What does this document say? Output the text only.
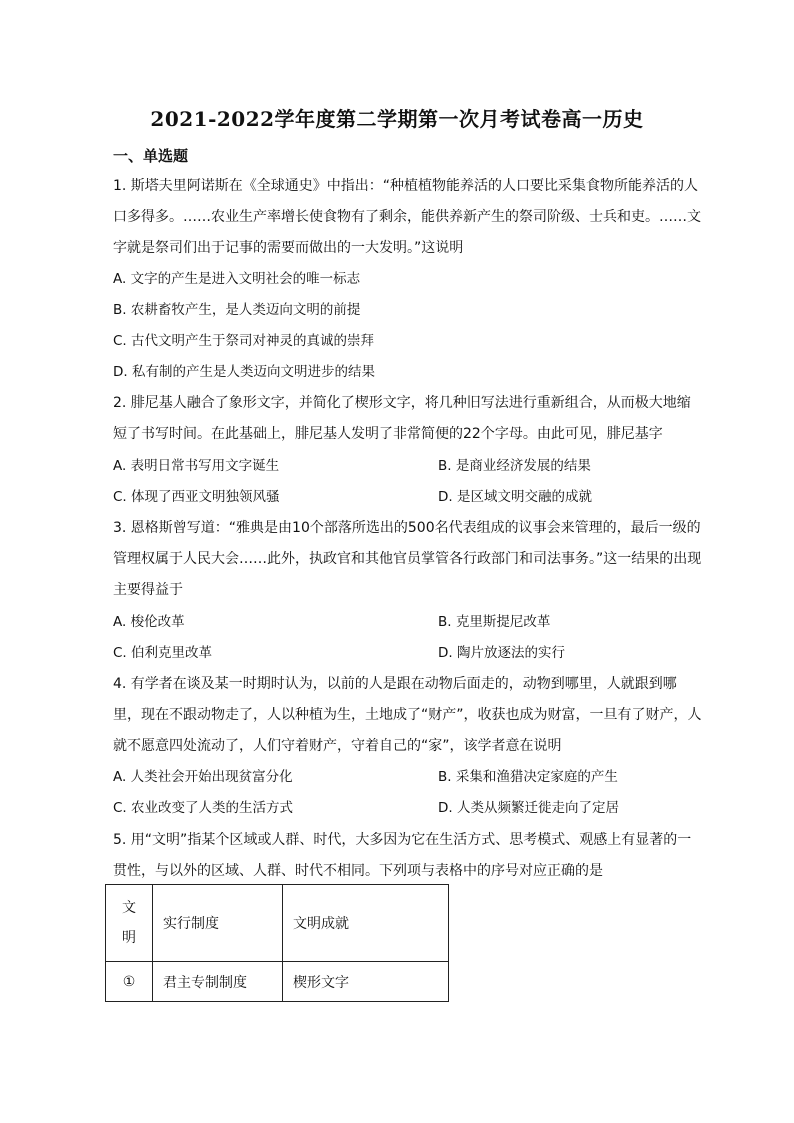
2021-2022学年度第二学期第一次月考试卷高一历史
一、单选题
1. 斯塔夫里阿诺斯在《全球通史》中指出：“种植植物能养活的人口要比采集食物所能养活的人口多得多。……农业生产率增长使食物有了剩余，能供养新产生的祭司阶级、士兵和吏。……文字就是祭司们出于记事的需要而做出的一大发明。”这说明
A. 文字的产生是进入文明社会的唯一标志
B. 农耕畜牧产生，是人类迈向文明的前提
C. 古代文明产生于祭司对神灵的真诚的崇拜
D. 私有制的产生是人类迈向文明进步的结果
2. 腓尼基人融合了象形文字，并简化了楔形文字，将几种旧写法进行重新组合，从而极大地缩短了书写时间。在此基础上，腓尼基人发明了非常简便的22个字母。由此可见，腓尼基字
A. 表明日常书写用文字诞生	B. 是商业经济发展的结果
C. 体现了西亚文明独领风骚	D. 是区域文明交融的成就
3. 恩格斯曾写道：“雅典是由10个部落所选出的500名代表组成的议事会来管理的，最后一级的管理权属于人民大会……此外，执政官和其他官员掌管各行政部门和司法事务。”这一结果的出现主要得益于
A. 梭伦改革	B. 克里斯提尼改革
C. 伯利克里改革	D. 陶片放逐法的实行
4. 有学者在谈及某一时期时认为，以前的人是跟在动物后面走的，动物到哪里，人就跟到哪里，现在不跟动物走了，人以种植为生，土地成了“财产”，收获也成为财富，一旦有了财产，人就不愿意四处流动了，人们守着财产，守着自己的“家”，该学者意在说明
A. 人类社会开始出现贫富分化	B. 采集和渔猎决定家庭的产生
C. 农业改变了人类的生活方式	D. 人类从频繁迁徙走向了定居
5. 用“文明”指某个区域或人群、时代，大多因为它在生活方式、思考模式、观感上有显著的一贯性，与以外的区域、人群、时代不相同。下列项与表格中的序号对应正确的是
文明	实行制度	文明成就
①	君主专制制度	楔形文字
